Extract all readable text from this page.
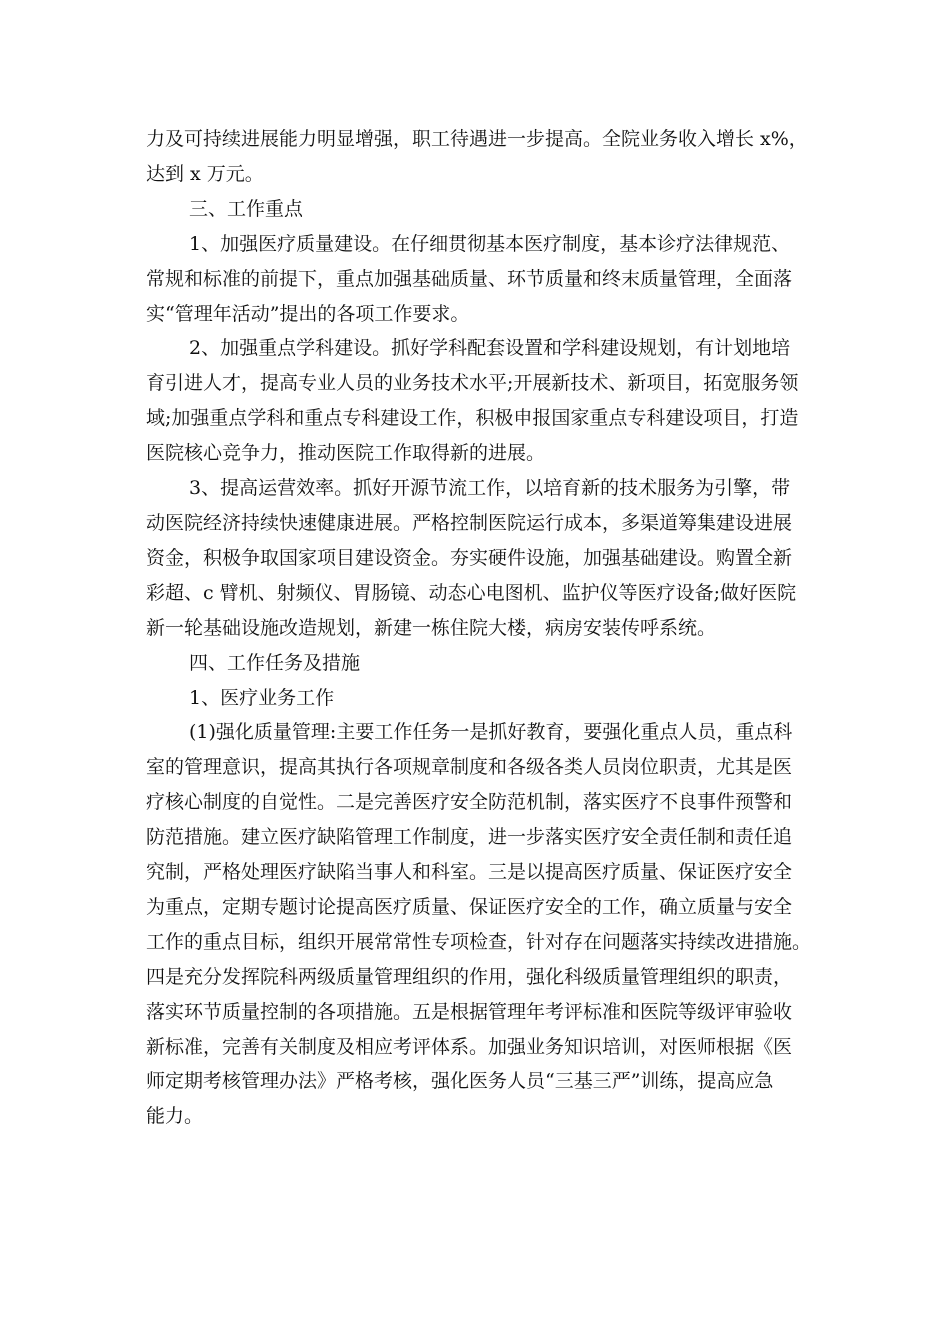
力及可持续进展能力明显增强，职工待遇进一步提高。全院业务收入增长 x%，

达到 x 万元。

三、工作重点

1、加强医疗质量建设。在仔细贯彻基本医疗制度，基本诊疗法律规范、

常规和标准的前提下，重点加强基础质量、环节质量和终末质量管理，全面落

实“管理年活动”提出的各项工作要求。

2、加强重点学科建设。抓好学科配套设置和学科建设规划，有计划地培

育引进人才，提高专业人员的业务技术水平;开展新技术、新项目，拓宽服务领

域;加强重点学科和重点专科建设工作，积极申报国家重点专科建设项目，打造

医院核心竞争力，推动医院工作取得新的进展。

3、提高运营效率。抓好开源节流工作，以培育新的技术服务为引擎，带

动医院经济持续快速健康进展。严格控制医院运行成本，多渠道筹集建设进展

资金，积极争取国家项目建设资金。夯实硬件设施，加强基础建设。购置全新

彩超、c 臂机、射频仪、胃肠镜、动态心电图机、监护仪等医疗设备;做好医院

新一轮基础设施改造规划，新建一栋住院大楼，病房安装传呼系统。

四、工作任务及措施

1、医疗业务工作

(1)强化质量管理:主要工作任务一是抓好教育，要强化重点人员，重点科

室的管理意识，提高其执行各项规章制度和各级各类人员岗位职责，尤其是医

疗核心制度的自觉性。二是完善医疗安全防范机制，落实医疗不良事件预警和

防范措施。建立医疗缺陷管理工作制度，进一步落实医疗安全责任制和责任追

究制，严格处理医疗缺陷当事人和科室。三是以提高医疗质量、保证医疗安全

为重点，定期专题讨论提高医疗质量、保证医疗安全的工作，确立质量与安全

工作的重点目标，组织开展常常性专项检查，针对存在问题落实持续改进措施。

四是充分发挥院科两级质量管理组织的作用，强化科级质量管理组织的职责，

落实环节质量控制的各项措施。五是根据管理年考评标准和医院等级评审验收

新标准，完善有关制度及相应考评体系。加强业务知识培训，对医师根据《医

师定期考核管理办法》严格考核，强化医务人员“三基三严”训练，提高应急

能力。
